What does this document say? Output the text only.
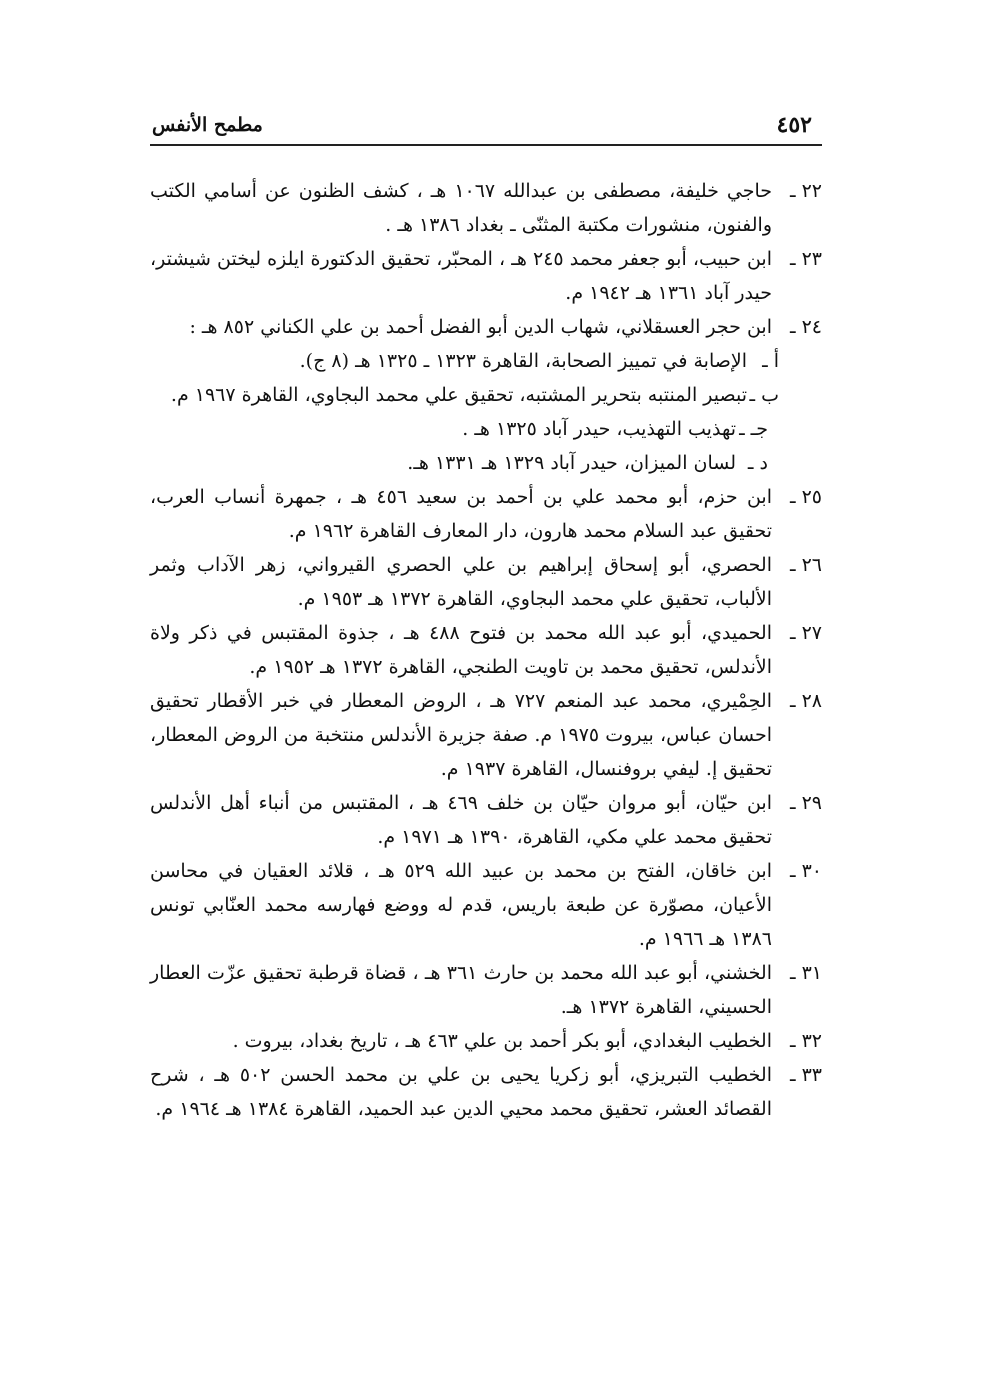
٤٥٢
مطمح الأنفس

٢٢ ـحاجي خليفة، مصطفى بن عبدالله ١٠٦٧ هـ ، كشف الظنون عن أسامي الكتب والفنون، منشورات مكتبة المثنّى ـ بغداد ١٣٨٦ هـ .

٢٣ ـابن حبيب، أبو جعفر محمد ٢٤٥ هـ ، المحبّر، تحقيق الدكتورة ايلزه ليختن شيشتر، حيدر آباد ١٣٦١ هـ ١٩٤٢ م.

٢٤ ـابن حجر العسقلاني، شهاب الدين أبو الفضل أحمد بن علي الكناني ٨٥٢ هـ :

أ ـالإصابة في تمييز الصحابة، القاهرة ١٣٢٣ ـ ١٣٢٥ هـ (٨ ج).

ب ـتبصير المنتبه بتحرير المشتبه، تحقيق علي محمد البجاوي، القاهرة ١٩٦٧ م.

جـ ـتهذيب التهذيب، حيدر آباد ١٣٢٥ هـ .

د ـلسان الميزان، حيدر آباد ١٣٢٩ هـ ١٣٣١ هـ.

٢٥ ـابن حزم، أبو محمد علي بن أحمد بن سعيد ٤٥٦ هـ ، جمهرة أنساب العرب، تحقيق عبد السلام محمد هارون، دار المعارف القاهرة ١٩٦٢ م.

٢٦ ـالحصري، أبو إسحاق إبراهيم بن علي الحصري القيرواني، زهر الآداب وثمر الألباب، تحقيق علي محمد البجاوي، القاهرة ١٣٧٢ هـ ١٩٥٣ م.

٢٧ ـالحميدي، أبو عبد الله محمد بن فتوح ٤٨٨ هـ ، جذوة المقتبس في ذكر ولاة الأندلس، تحقيق محمد بن تاويت الطنجي، القاهرة ١٣٧٢ هـ ١٩٥٢ م.

٢٨ ـالحِمْيري، محمد عبد المنعم ٧٢٧ هـ ، الروض المعطار في خبر الأقطار تحقيق احسان عباس، بيروت ١٩٧٥ م. صفة جزيرة الأندلس منتخبة من الروض المعطار، تحقيق إ. ليفي بروفنسال، القاهرة ١٩٣٧ م.

٢٩ ـابن حيّان، أبو مروان حيّان بن خلف ٤٦٩ هـ ، المقتبس من أنباء أهل الأندلس تحقيق محمد علي مكي، القاهرة، ١٣٩٠ هـ ١٩٧١ م.

٣٠ ـابن خاقان، الفتح بن محمد بن عبيد الله ٥٢٩ هـ ، قلائد العقيان في محاسن الأعيان، مصوّرة عن طبعة باريس، قدم له ووضع فهارسه محمد العنّابي تونس ١٣٨٦ هـ ١٩٦٦ م.

٣١ ـالخشني، أبو عبد الله محمد بن حارث ٣٦١ هـ ، قضاة قرطبة تحقيق عزّت العطار الحسيني، القاهرة ١٣٧٢ هـ.

٣٢ ـالخطيب البغدادي، أبو بكر أحمد بن علي ٤٦٣ هـ ، تاريخ بغداد، بيروت .

٣٣ ـالخطيب التبريزي، أبو زكريا يحيى بن علي بن محمد الحسن ٥٠٢ هـ ، شرح القصائد العشر، تحقيق محمد محيي الدين عبد الحميد، القاهرة ١٣٨٤ هـ ١٩٦٤ م.
